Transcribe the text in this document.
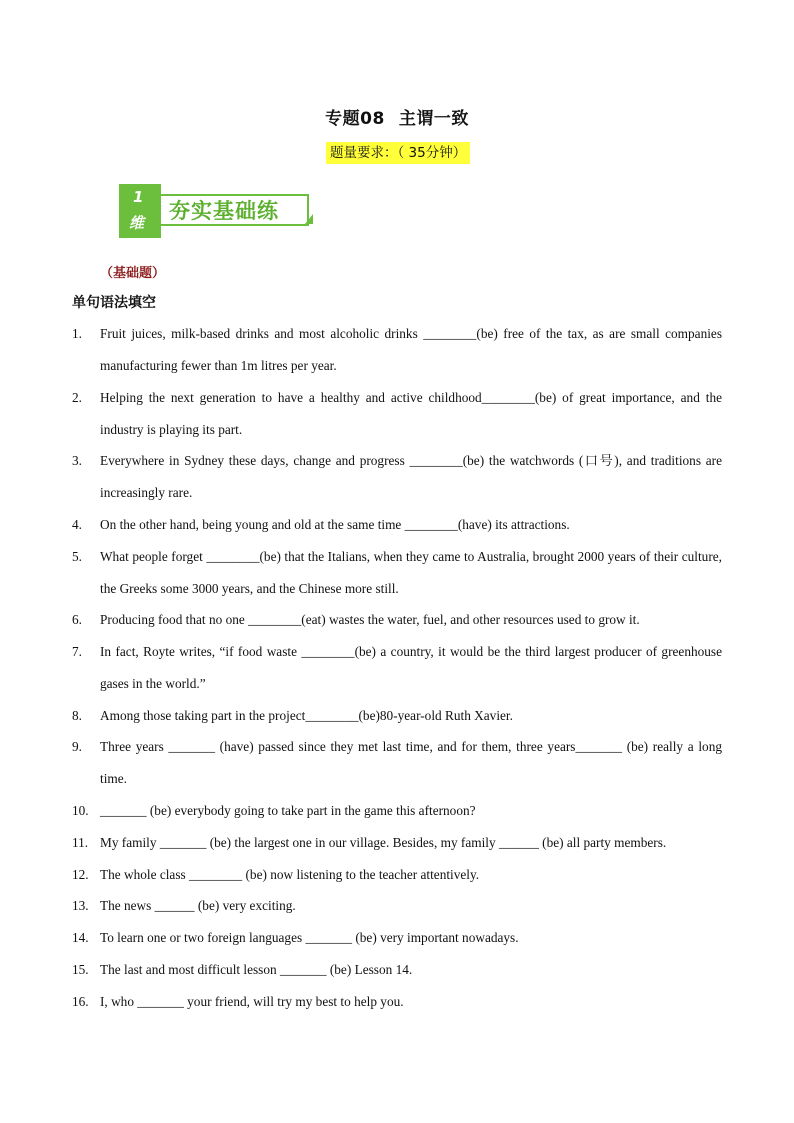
专题08 主谓一致
题量要求：（ 35分钟）
1
维 夯实基础练
（基础题）
单句语法填空
1. Fruit juices, milk-based drinks and most alcoholic drinks ________(be) free of the tax, as are small companies manufacturing fewer than 1m litres per year.
2. Helping the next generation to have a healthy and active childhood________(be) of great importance, and the industry is playing its part.
3. Everywhere in Sydney these days, change and progress ________(be) the watchwords (口号), and traditions are increasingly rare.
4. On the other hand, being young and old at the same time ________(have) its attractions.
5. What people forget ________(be) that the Italians, when they came to Australia, brought 2000 years of their culture, the Greeks some 3000 years, and the Chinese more still.
6. Producing food that no one ________(eat) wastes the water, fuel, and other resources used to grow it.
7. In fact, Royte writes, “if food waste ________(be) a country, it would be the third largest producer of greenhouse gases in the world.”
8. Among those taking part in the project________(be)80-year-old Ruth Xavier.
9. Three years _______ (have) passed since they met last time, and for them, three years_______ (be) really a long time.
10. _______ (be) everybody going to take part in the game this afternoon?
11. My family _______ (be) the largest one in our village. Besides, my family ______ (be) all party members.
12. The whole class ________ (be) now listening to the teacher attentively.
13. The news ______ (be) very exciting.
14. To learn one or two foreign languages _______ (be) very important nowadays.
15. The last and most difficult lesson _______ (be) Lesson 14.
16. I, who _______ your friend, will try my best to help you.
